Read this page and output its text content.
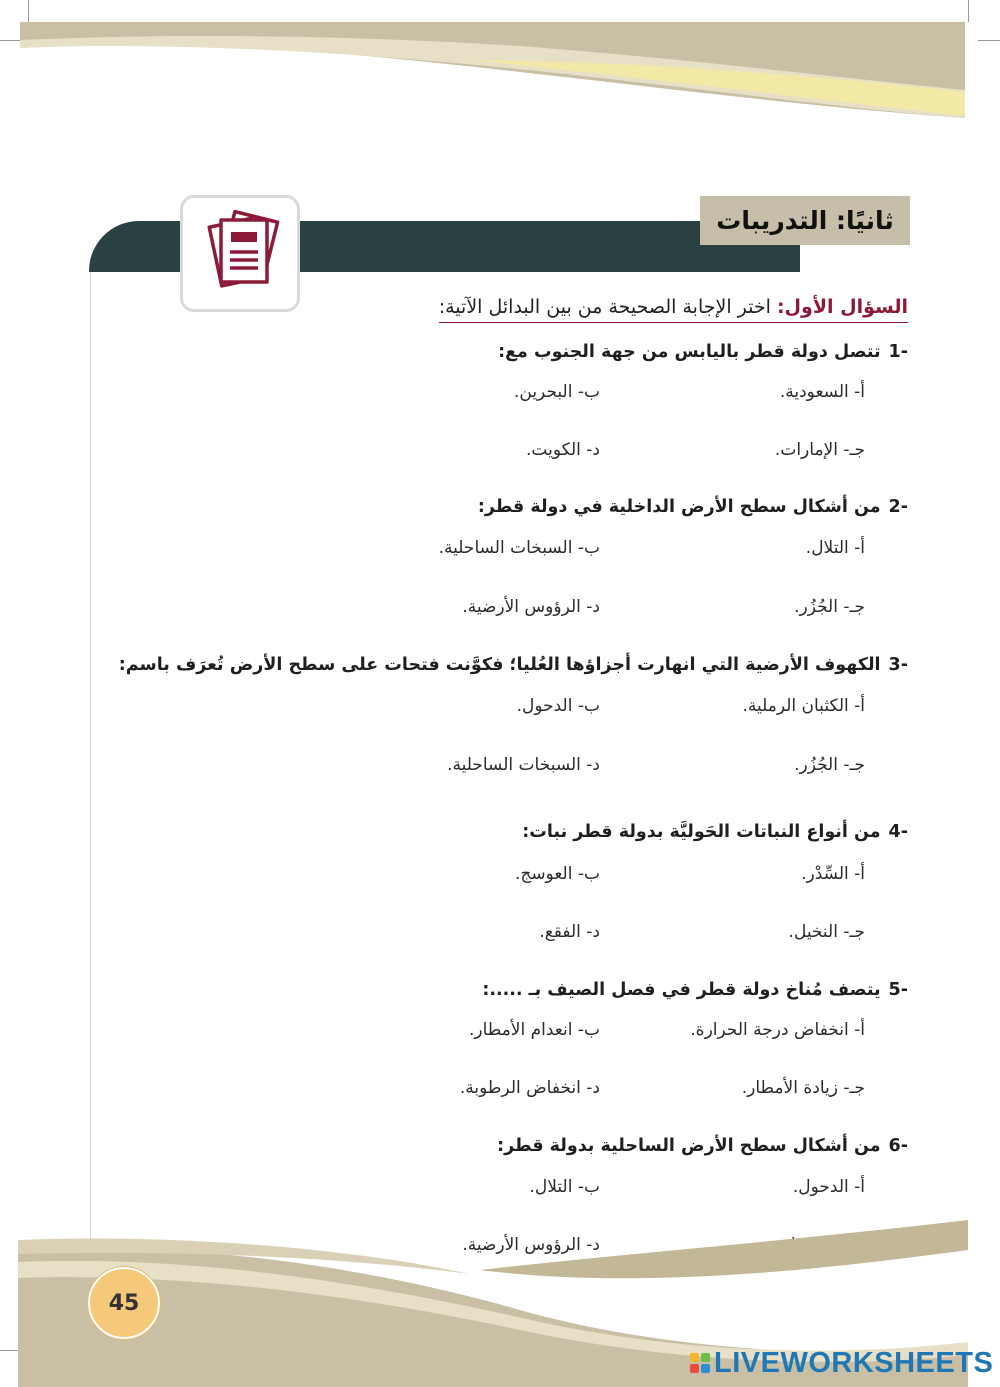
ثانيًا: التدريبات
السؤال الأول: اختر الإجابة الصحيحة من بين البدائل الآتية:
-1تتصل دولة قطر باليابس من جهة الجنوب مع:
أ- السعودية.
ب- البحرين.
جـ- الإمارات.
د- الكويت.
-2من أشكال سطح الأرض الداخلية في دولة قطر:
أ- التلال.
ب- السبخات الساحلية.
جـ- الجُزُر.
د- الرؤوس الأرضية.
-3الكهوف الأرضية التي انهارت أجزاؤها العُليا؛ فكوَّنت فتحات على سطح الأرض تُعرَف باسم:
أ- الكثبان الرملية.
ب- الدحول.
جـ- الجُزُر.
د- السبخات الساحلية.
-4من أنواع النباتات الحَوليَّة بدولة قطر نبات:
أ- السِّدْر.
ب- العوسج.
جـ- النخيل.
د- الفقع.
-5يتصف مُناخ دولة قطر في فصل الصيف بـ .....:
أ- انخفاض درجة الحرارة.
ب- انعدام الأمطار.
جـ- زيادة الأمطار.
د- انخفاض الرطوبة.
-6من أشكال سطح الأرض الساحلية بدولة قطر:
أ- الدحول.
ب- التلال.
د- الرؤوس الأرضية.
45
LIVEWORKSHEETS
